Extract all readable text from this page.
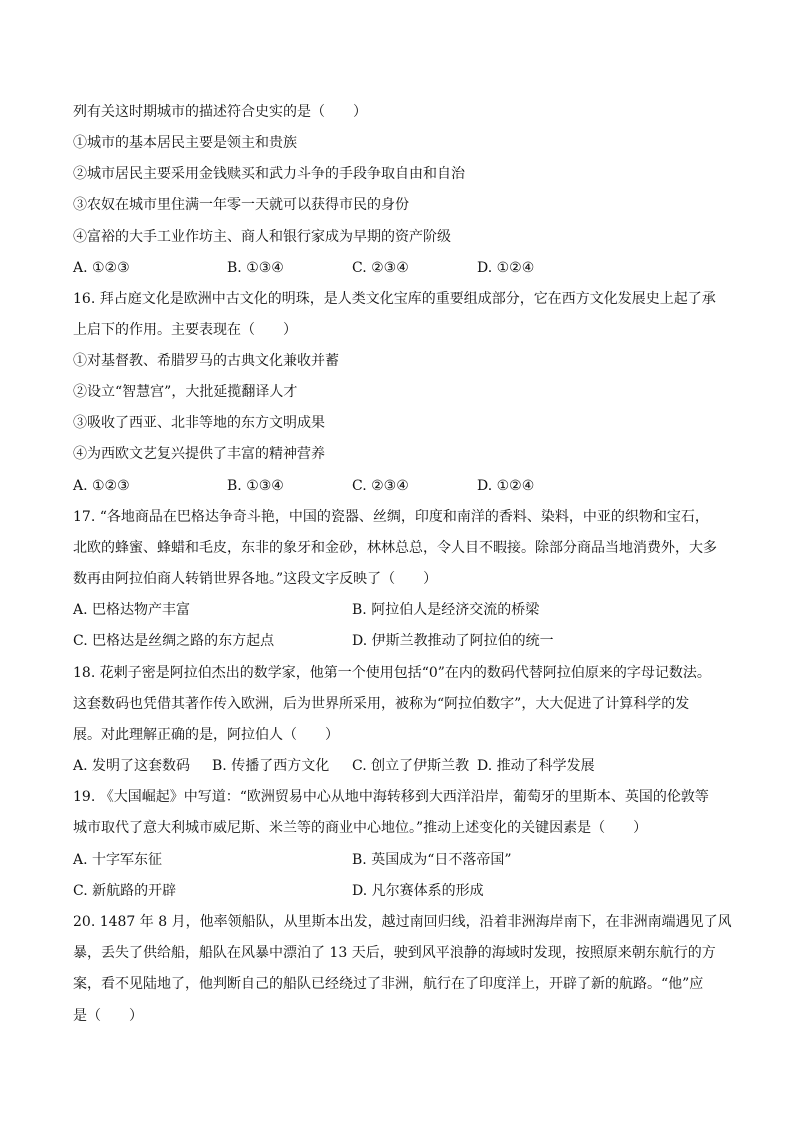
列有关这时期城市的描述符合史实的是（　　）
①城市的基本居民主要是领主和贵族
②城市居民主要采用金钱赎买和武力斗争的手段争取自由和自治
③农奴在城市里住满一年零一天就可以获得市民的身份
④富裕的大手工业作坊主、商人和银行家成为早期的资产阶级
A. ①②③	B. ①③④	C. ②③④	D. ①②④
16. 拜占庭文化是欧洲中古文化的明珠，是人类文化宝库的重要组成部分，它在西方文化发展史上起了承
上启下的作用。主要表现在（　　）
①对基督教、希腊罗马的古典文化兼收并蓄
②设立“智慧宫”，大批延揽翻译人才
③吸收了西亚、北非等地的东方文明成果
④为西欧文艺复兴提供了丰富的精神营养
A. ①②③	B. ①③④	C. ②③④	D. ①②④
17. “各地商品在巴格达争奇斗艳，中国的瓷器、丝绸，印度和南洋的香料、染料，中亚的织物和宝石，
北欧的蜂蜜、蜂蜡和毛皮，东非的象牙和金砂，林林总总，令人目不暇接。除部分商品当地消费外，大多
数再由阿拉伯商人转销世界各地。”这段文字反映了（　　）
A. 巴格达物产丰富	B. 阿拉伯人是经济交流的桥梁
C. 巴格达是丝绸之路的东方起点	D. 伊斯兰教推动了阿拉伯的统一
18. 花剌子密是阿拉伯杰出的数学家，他第一个使用包括“0”在内的数码代替阿拉伯原来的字母记数法。
这套数码也凭借其著作传入欧洲，后为世界所采用，被称为“阿拉伯数字”，大大促进了计算科学的发
展。对此理解正确的是，阿拉伯人（　　）
A. 发明了这套数码 B. 传播了西方文化 C. 创立了伊斯兰教 D. 推动了科学发展
19. 《大国崛起》中写道：“欧洲贸易中心从地中海转移到大西洋沿岸，葡萄牙的里斯本、英国的伦敦等
城市取代了意大利城市威尼斯、米兰等的商业中心地位。”推动上述变化的关键因素是（　　）
A. 十字军东征	B. 英国成为“日不落帝国”
C. 新航路的开辟	D. 凡尔赛体系的形成
20. 1487 年 8 月，他率领船队，从里斯本出发，越过南回归线，沿着非洲海岸南下，在非洲南端遇见了风
暴，丢失了供给船，船队在风暴中漂泊了 13 天后，驶到风平浪静的海域时发现，按照原来朝东航行的方
案，看不见陆地了，他判断自己的船队已经绕过了非洲，航行在了印度洋上，开辟了新的航路。“他”应
是（　　）
